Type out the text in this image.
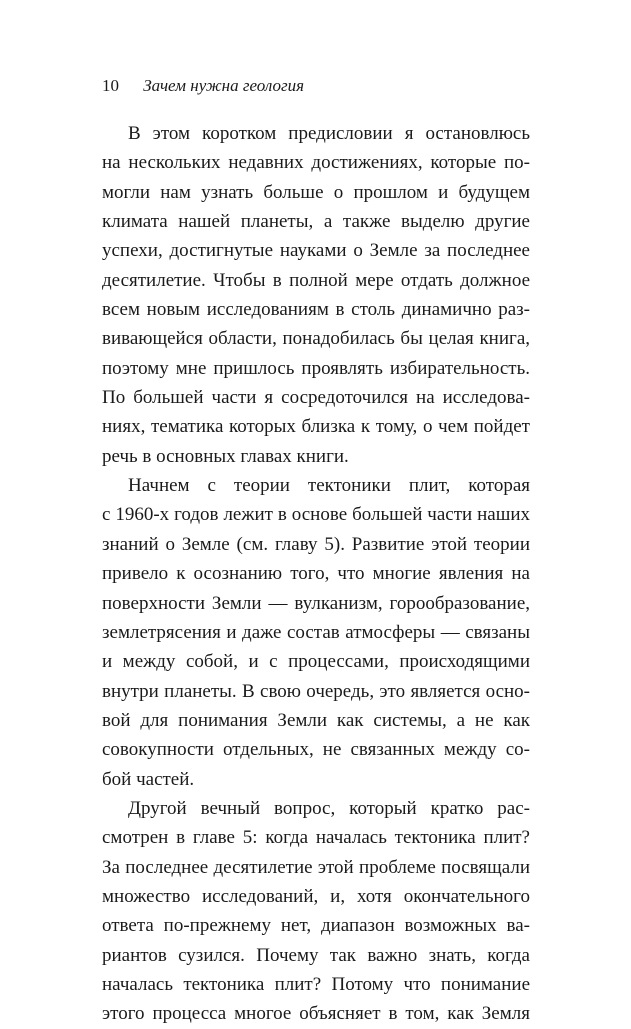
10 Зачем нужна геология
В этом коротком предисловии я остановлюсь
на нескольких недавних достижениях, которые по-
могли нам узнать больше о прошлом и будущем
климата нашей планеты, а также выделю другие
успехи, достигнутые науками о Земле за последнее
десятилетие. Чтобы в полной мере отдать должное
всем новым исследованиям в столь динамично раз-
вивающейся области, понадобилась бы целая книга,
поэтому мне пришлось проявлять избирательность.
По большей части я сосредоточился на исследова-
ниях, тематика которых близка к тому, о чем пойдет
речь в основных главах книги.
Начнем с теории тектоники плит, которая
с 1960-х годов лежит в основе большей части наших
знаний о Земле (см. главу 5). Развитие этой теории
привело к осознанию того, что многие явления на
поверхности Земли — вулканизм, горообразование,
землетрясения и даже состав атмосферы — связаны
и между собой, и с процессами, происходящими
внутри планеты. В свою очередь, это является осно-
вой для понимания Земли как системы, а не как
совокупности отдельных, не связанных между со-
бой частей.
Другой вечный вопрос, который кратко рас-
смотрен в главе 5: когда началась тектоника плит?
За последнее десятилетие этой проблеме посвящали
множество исследований, и, хотя окончательного
ответа по-прежнему нет, диапазон возможных ва-
риантов сузился. Почему так важно знать, когда
началась тектоника плит? Потому что понимание
этого процесса многое объясняет в том, как Земля
